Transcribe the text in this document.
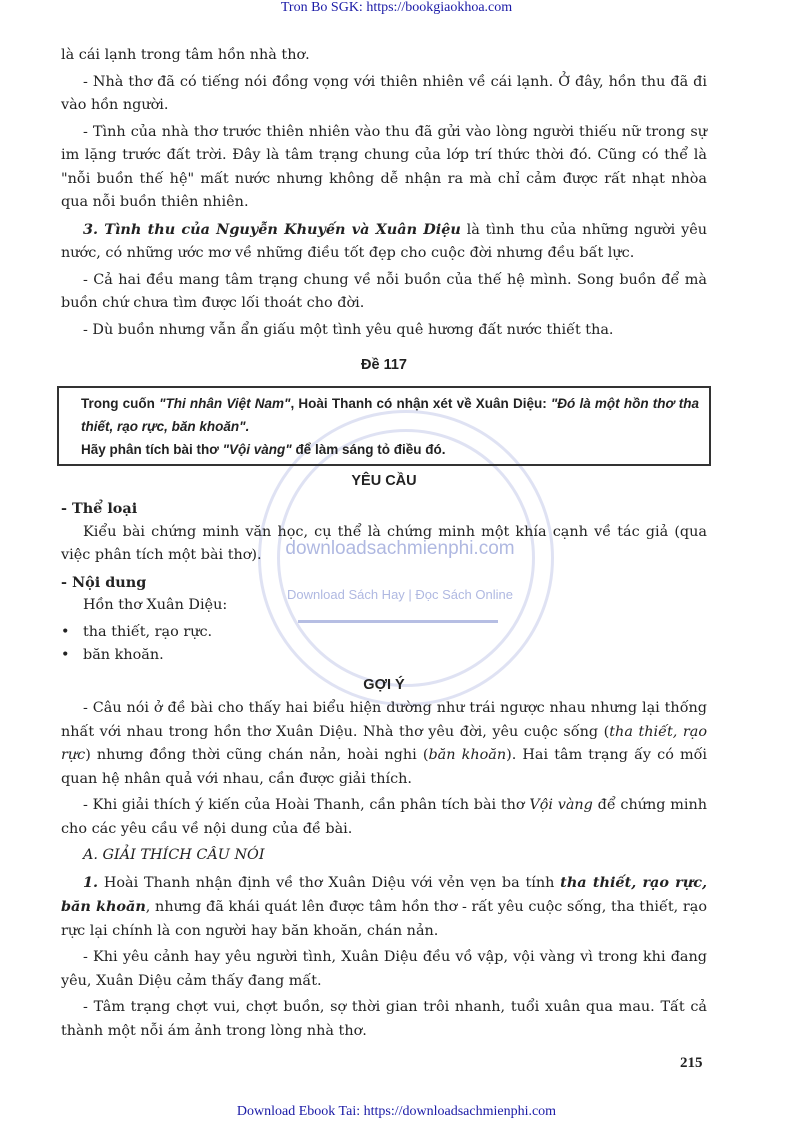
Tron Bo SGK: https://bookgiaokhoa.com
downloadsachmienphi.com
Download Sách Hay | Đọc Sách Online

là cái lạnh trong tâm hồn nhà thơ.

- Nhà thơ đã có tiếng nói đồng vọng với thiên nhiên về cái lạnh. Ở đây, hồn thu đã đi vào hồn người.

- Tình của nhà thơ trước thiên nhiên vào thu đã gửi vào lòng người thiếu nữ trong sự im lặng trước đất trời. Đây là tâm trạng chung của lớp trí thức thời đó. Cũng có thể là "nỗi buồn thế hệ" mất nước nhưng không dễ nhận ra mà chỉ cảm được rất nhạt nhòa qua nỗi buồn thiên nhiên.

3. Tình thu của Nguyễn Khuyến và Xuân Diệu là tình thu của những người yêu nước, có những ước mơ về những điều tốt đẹp cho cuộc đời nhưng đều bất lực.

- Cả hai đều mang tâm trạng chung về nỗi buồn của thế hệ mình. Song buồn để mà buồn chứ chưa tìm được lối thoát cho đời.

- Dù buồn nhưng vẫn ẩn giấu một tình yêu quê hương đất nước thiết tha.

Đề 117

Trong cuốn "Thi nhân Việt Nam", Hoài Thanh có nhận xét về Xuân Diệu: "Đó là một hồn thơ tha thiết, rạo rực, băn khoăn".
Hãy phân tích bài thơ "Vội vàng" để làm sáng tỏ điều đó.

YÊU CẦU

- Thể loại

Kiểu bài chứng minh văn học, cụ thể là chứng minh một khía cạnh về tác giả (qua việc phân tích một bài thơ).

- Nội dung

Hồn thơ Xuân Diệu:

• tha thiết, rạo rực.

• băn khoăn.

GỢI Ý

- Câu nói ở đề bài cho thấy hai biểu hiện dường như trái ngược nhau nhưng lại thống nhất với nhau trong hồn thơ Xuân Diệu. Nhà thơ yêu đời, yêu cuộc sống (tha thiết, rạo rực) nhưng đồng thời cũng chán nản, hoài nghi (băn khoăn). Hai tâm trạng ấy có mối quan hệ nhân quả với nhau, cần được giải thích.

- Khi giải thích ý kiến của Hoài Thanh, cần phân tích bài thơ Vội vàng để chứng minh cho các yêu cầu về nội dung của đề bài.

A. GIẢI THÍCH CÂU NÓI

1. Hoài Thanh nhận định về thơ Xuân Diệu với vẻn vẹn ba tính tha thiết, rạo rực, băn khoăn, nhưng đã khái quát lên được tâm hồn thơ - rất yêu cuộc sống, tha thiết, rạo rực lại chính là con người hay băn khoăn, chán nản.

- Khi yêu cảnh hay yêu người tình, Xuân Diệu đều vồ vập, vội vàng vì trong khi đang yêu, Xuân Diệu cảm thấy đang mất.

- Tâm trạng chợt vui, chợt buồn, sợ thời gian trôi nhanh, tuổi xuân qua mau. Tất cả thành một nỗi ám ảnh trong lòng nhà thơ.

215
Download Ebook Tai: https://downloadsachmienphi.com
